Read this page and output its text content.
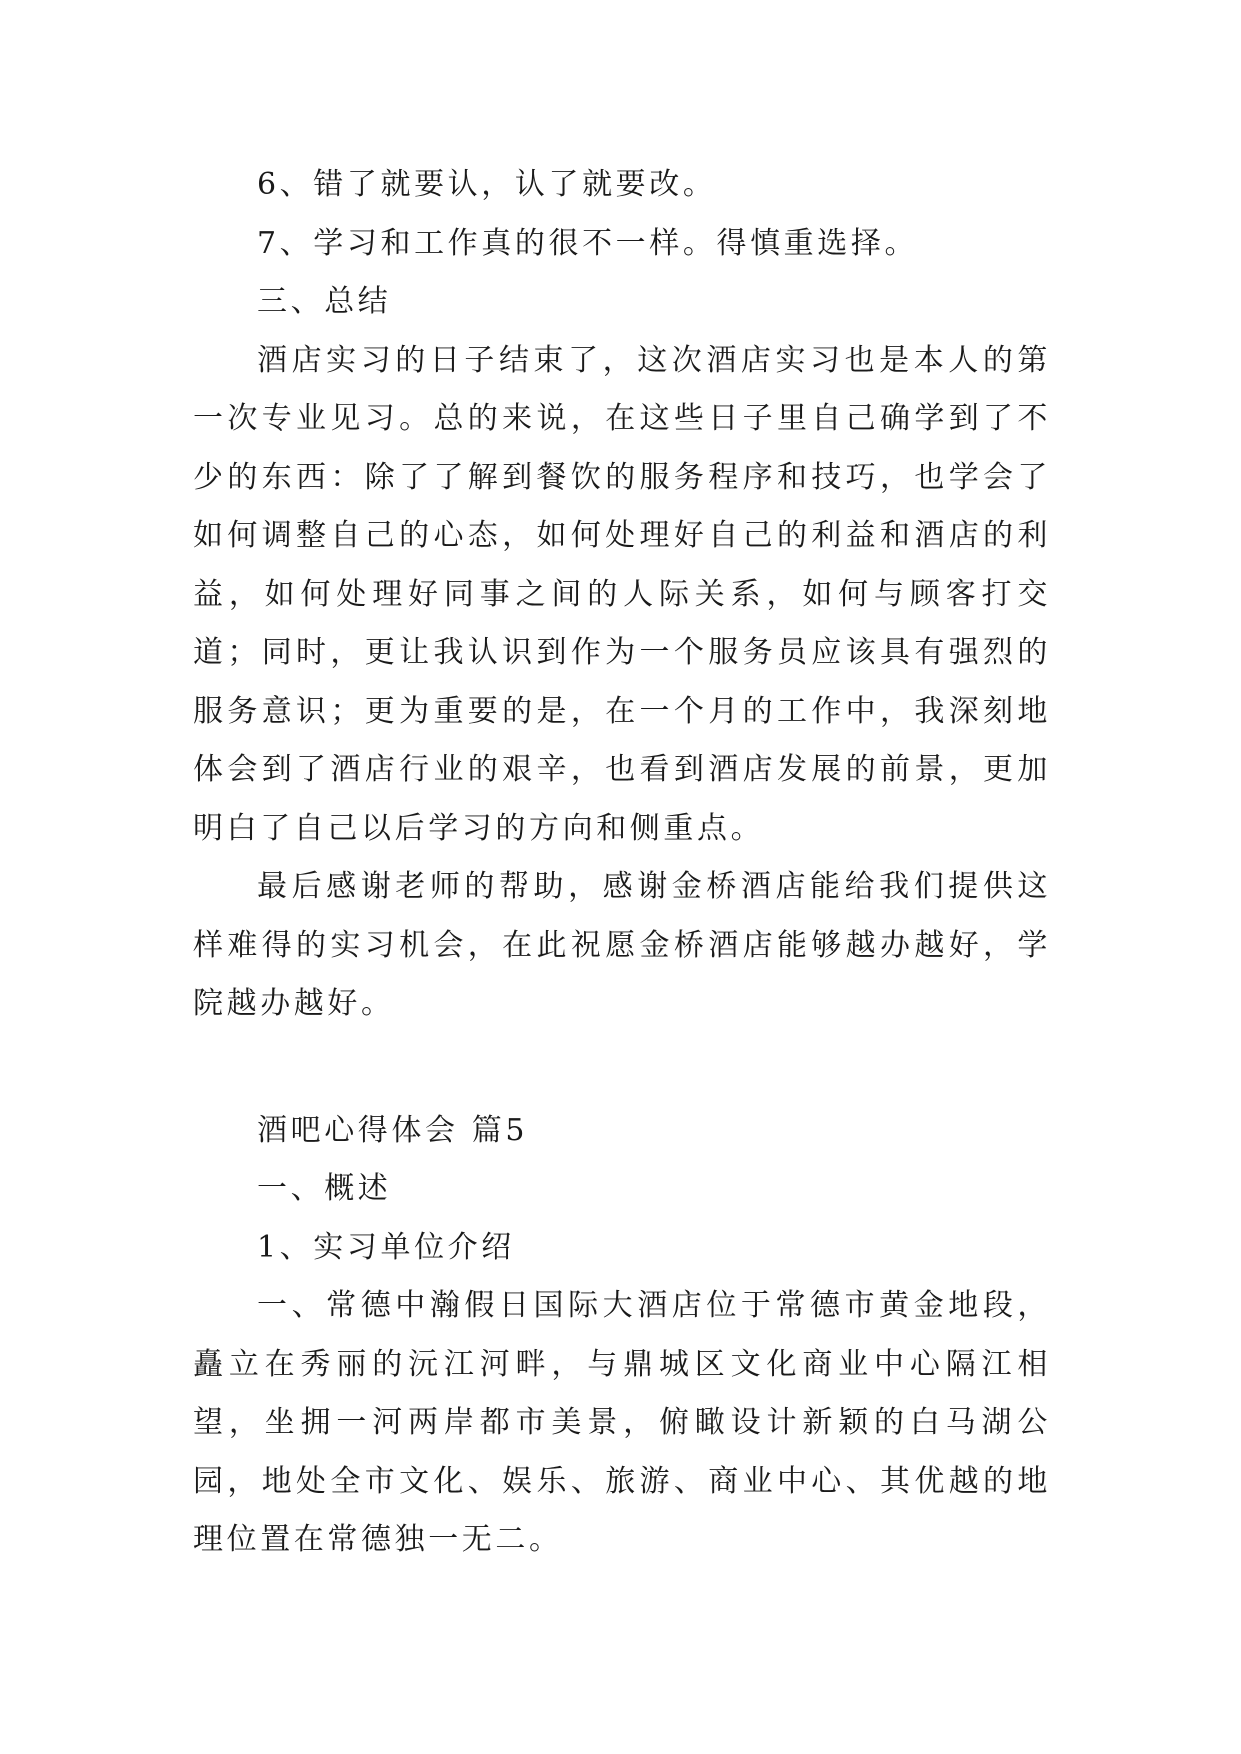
6、错了就要认，认了就要改。

7、学习和工作真的很不一样。得慎重选择。

三、总结

酒店实习的日子结束了，这次酒店实习也是本人的第一次专业见习。总的来说，在这些日子里自己确学到了不少的东西：除了了解到餐饮的服务程序和技巧，也学会了如何调整自己的心态，如何处理好自己的利益和酒店的利益，如何处理好同事之间的人际关系，如何与顾客打交道；同时，更让我认识到作为一个服务员应该具有强烈的服务意识；更为重要的是，在一个月的工作中，我深刻地体会到了酒店行业的艰辛，也看到酒店发展的前景，更加明白了自己以后学习的方向和侧重点。

最后感谢老师的帮助，感谢金桥酒店能给我们提供这样难得的实习机会，在此祝愿金桥酒店能够越办越好，学院越办越好。

酒吧心得体会 篇5

一、概述

1、实习单位介绍

一、常德中瀚假日国际大酒店位于常德市黄金地段，矗立在秀丽的沅江河畔，与鼎城区文化商业中心隔江相望，坐拥一河两岸都市美景，俯瞰设计新颖的白马湖公园，地处全市文化、娱乐、旅游、商业中心、其优越的地理位置在常德独一无二。
